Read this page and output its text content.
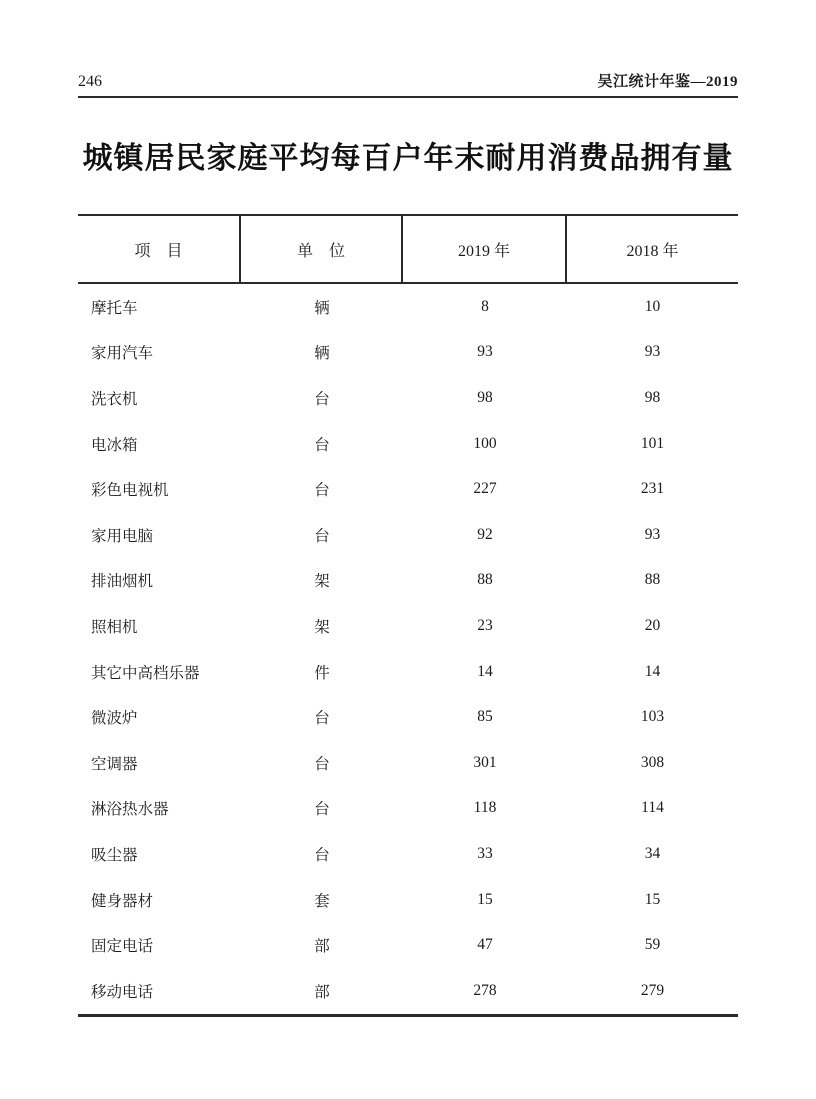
246	吴江统计年鉴—2019
城镇居民家庭平均每百户年末耐用消费品拥有量
项　目	单　位	2019 年	2018 年
摩托车	辆	8	10
家用汽车	辆	93	93
洗衣机	台	98	98
电冰箱	台	100	101
彩色电视机	台	227	231
家用电脑	台	92	93
排油烟机	架	88	88
照相机	架	23	20
其它中高档乐器	件	14	14
微波炉	台	85	103
空调器	台	301	308
淋浴热水器	台	118	114
吸尘器	台	33	34
健身器材	套	15	15
固定电话	部	47	59
移动电话	部	278	279
